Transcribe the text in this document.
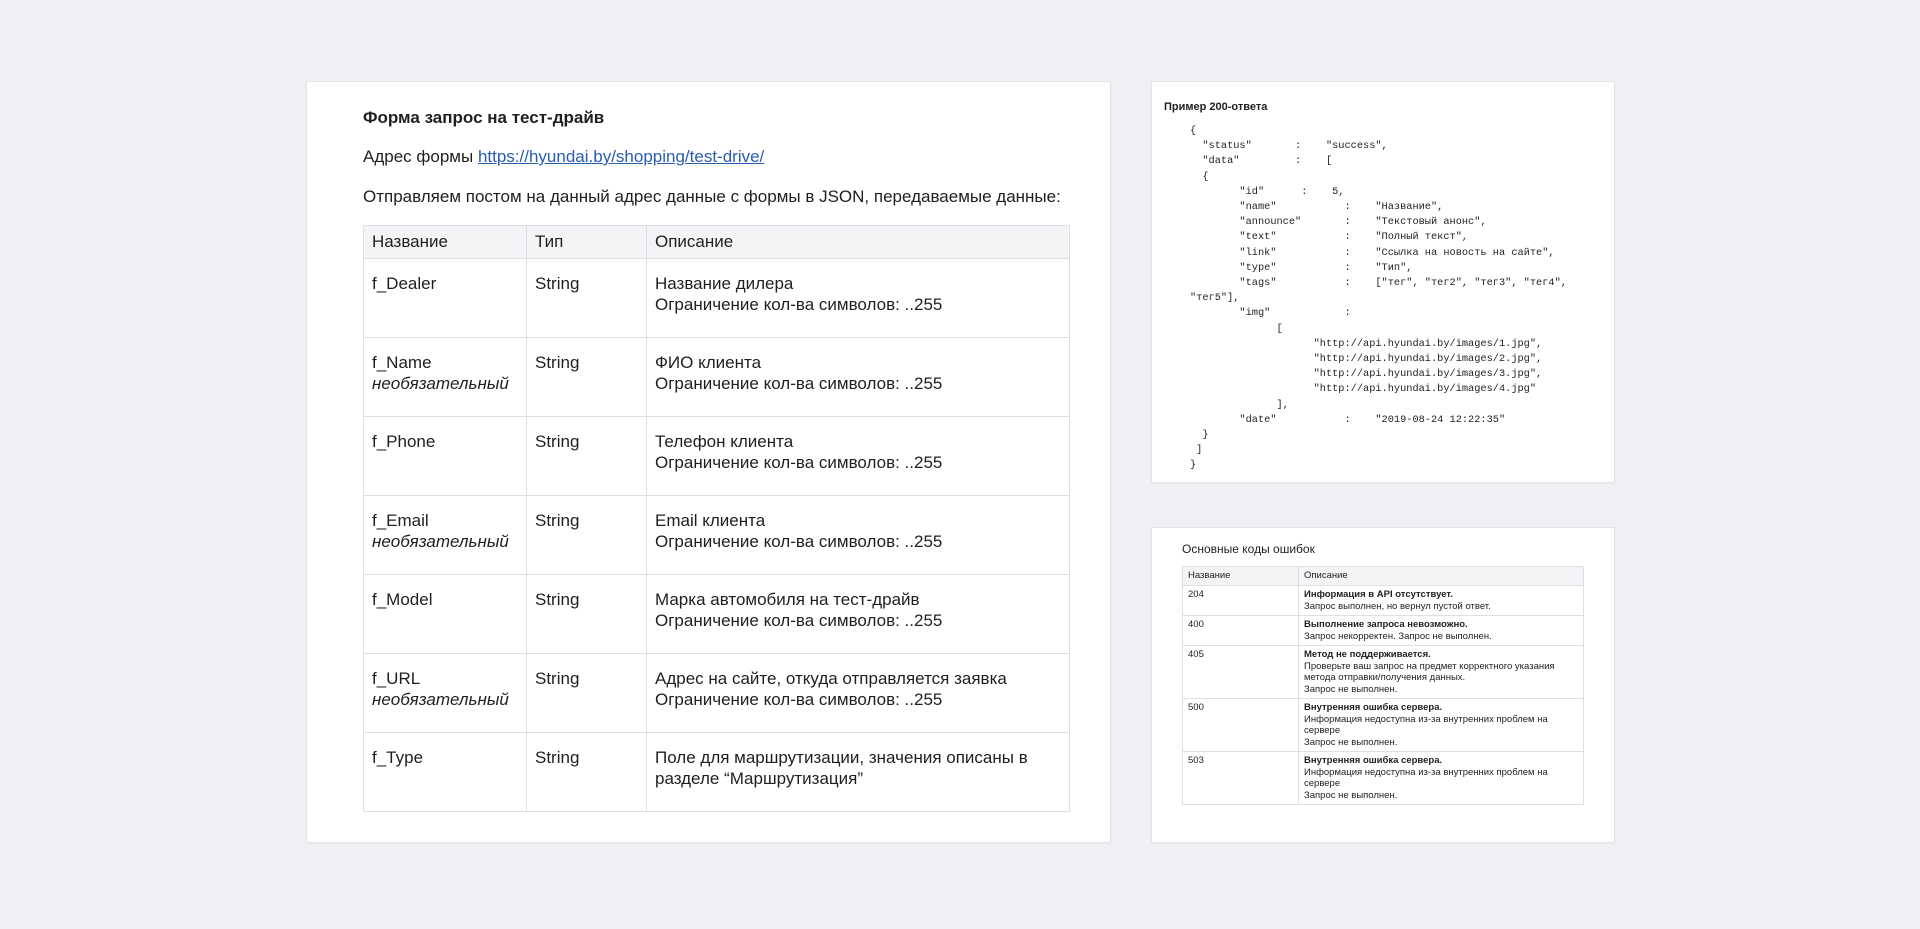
Форма запрос на тест-драйв

Адрес формы https://hyundai.by/shopping/test-drive/

Отправляем постом на данный адрес данные с формы в JSON, передаваемые данные:

Название	Тип	Описание

f_Dealer	String	Название дилера
Ограничение кол-ва символов: ..255

f_Name
необязательный	String	ФИО клиента
Ограничение кол-ва символов: ..255

f_Phone	String	Телефон клиента
Ограничение кол-ва символов: ..255

f_Email
необязательный	String	Email клиента
Ограничение кол-ва символов: ..255

f_Model	String	Марка автомобиля на тест-драйв
Ограничение кол-ва символов: ..255

f_URL
необязательный	String	Адрес на сайте, откуда отправляется заявка
Ограничение кол-ва символов: ..255

f_Type	String	Поле для маршрутизации, значения описаны в
разделе “Маршрутизация”

Пример 200-ответа

{
"status"       :    "success",
"data"         :    [
{
"id"      :    5,
"name"           :    "Название",
"announce"       :    "Текстовый анонс",
"text"           :    "Полный текст",
"link"           :    "Ссылка на новость на сайте",
"type"           :    "Тип",
"tags"           :    ["тег", "тег2", "тег3", "тег4",
"тег5"],
"img"            :
[
"http://api.hyundai.by/images/1.jpg",
"http://api.hyundai.by/images/2.jpg",
"http://api.hyundai.by/images/3.jpg",
"http://api.hyundai.by/images/4.jpg"
],
"date"           :    "2019-08-24 12:22:35"
}
]
}

Основные коды ошибок

Название	Описание
204	Информация в API отсутствует.
Запрос выполнен, но вернул пустой ответ.

400	Выполнение запроса невозможно.
Запрос некорректен. Запрос не выполнен.

405	Метод не поддерживается.
Проверьте ваш запрос на предмет корректного указания
метода отправки/получения данных.
Запрос не выполнен.

500	Внутренняя ошибка сервера.
Информация недоступна из-за внутренних проблем на
сервере
Запрос не выполнен.

503	Внутренняя ошибка сервера.
Информация недоступна из-за внутренних проблем на
сервере
Запрос не выполнен.
